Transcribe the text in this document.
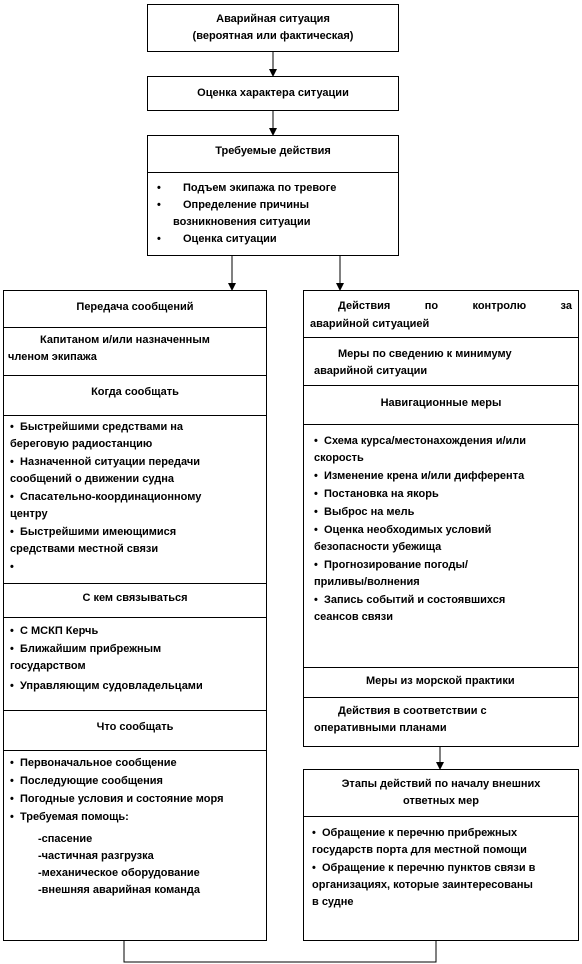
Аварийная ситуация
(вероятная или фактическая)
Оценка характера ситуации
Требуемые действия
• Подъем экипажа по тревоге
• Определение причины
возникновения ситуации
• Оценка ситуации
Передача сообщений
Капитаном и/или назначенным
членом экипажа
Когда сообщать
• Быстрейшими средствами на
береговую радиостанцию
• Назначенной ситуации передачи
сообщений о движении судна
• Спасательно-координационному
центру
• Быстрейшими имеющимися
средствами местной связи
•
С кем связываться
• С МСКП Керчь
• Ближайшим прибрежным
государством
• Управляющим судовладельцами
Что сообщать
• Первоначальное сообщение
• Последующие сообщения
• Погодные условия и состояние моря
• Требуемая помощь:
-спасение
-частичная разгрузка
-механическое оборудование
-внешняя аварийная команда
Действия	по	контролю	за
аварийной ситуацией
Меры по сведению к минимуму
аварийной ситуации
Навигационные меры
• Схема курса/местонахождения и/или
скорость
• Изменение крена и/или дифферента
• Постановка на якорь
• Выброс на мель
• Оценка необходимых условий
безопасности убежища
• Прогнозирование погоды/
приливы/волнения
• Запись событий и состоявшихся
сеансов связи
Меры из морской практики
Действия в соответствии с
оперативными планами
Этапы действий по началу внешних
ответных мер
• Обращение к перечню прибрежных
государств порта для местной помощи
• Обращение к перечню пунктов связи в
организациях, которые заинтересованы
в судне
